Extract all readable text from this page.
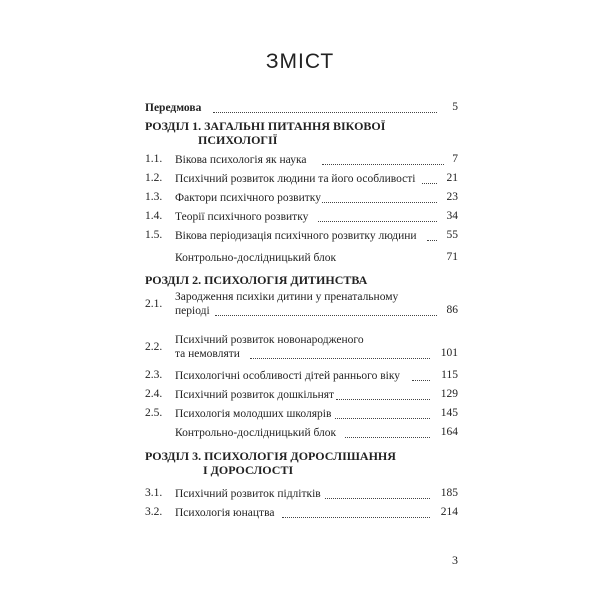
ЗМІСТ
Передмова	5
РОЗДІЛ 1. ЗАГАЛЬНІ ПИТАННЯ ВІКОВОЇ
ПСИХОЛОГІЇ
1.1. Вікова психологія як наука	7
1.2. Психічний розвиток людини та його особливості	21
1.3. Фактори психічного розвитку	23
1.4. Теорії психічного розвитку	34
1.5. Вікова періодизація психічного розвитку людини	55
Контрольно-дослідницький блок	71
РОЗДІЛ 2. ПСИХОЛОГІЯ ДИТИНСТВА
2.1.
Зародження психіки дитини у пренатальному
періоді	86
2.2.
Психічний розвиток новонародженого
та немовляти	101
2.3. Психологічні особливості дітей раннього віку	115
2.4. Психічний розвиток дошкільнят	129
2.5. Психологія молодших школярів	145
Контрольно-дослідницький блок	164
РОЗДІЛ 3. ПСИХОЛОГІЯ ДОРОСЛІШАННЯ
І ДОРОСЛОСТІ
3.1. Психічний розвиток підлітків	185
3.2. Психологія юнацтва	214
3
